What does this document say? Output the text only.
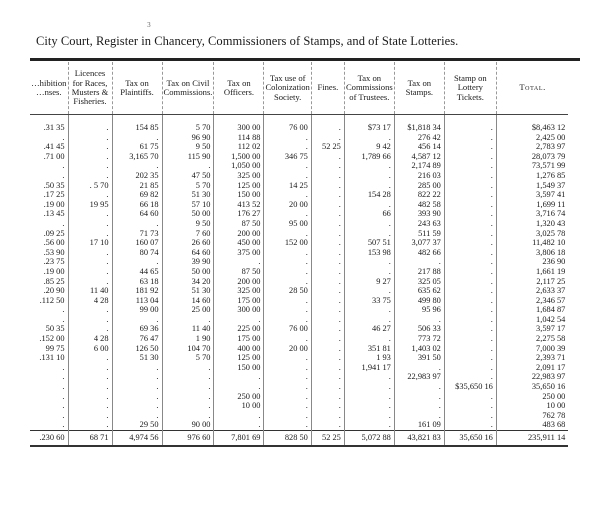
3
City Court, Register in Chancery, Commissioners of Stamps, and of State Lotteries.
…hibition …nses.	Licences for Races, Musters & Fisheries.	Tax on Plaintiffs.	Tax on Civil Commissions.	Tax on Officers.	Tax use of Colonization Society.	Fines.	Tax on Commissions of Trustees.	Tax on Stamps.	Stamp on Lottery Tickets.	Total.

.31 35	.	154 85	5 70	300 00	76 00	.	$73 17	$1,818 34	.	$8,463 12
.	.	.	96 90	114 88	.	.	.	276 42	.	2,425 00
.41 45	.	61 75	9 50	112 02	.	52 25	9 42	456 14	.	2,783 97
.71 00	.	3,165 70	115 90	1,500 00	346 75	.	1,789 66	4,587 12	.	28,073 79
.	.	.	.	1,050 00	.	.	.	2,174 89	.	73,571 99
.	.	202 35	47 50	325 00	.	.	.	216 03	.	1,276 85
.50 35	. 5 70	21 85	5 70	125 00	14 25	.	.	285 00	.	1,549 37
.17 25	.	69 82	51 30	150 00	.	.	154 28	822 22	.	3,597 41
.19 00	19 95	66 18	57 10	413 52	20 00	.	.	482 58	.	1,699 11
.13 45	.	64 60	50 00	176 27	.	.	66	393 90	.	3,716 74
.	.	.	9 50	87 50	95 00	.	.	243 63	.	1,320 43
.09 25	.	71 73	7 60	200 00	.	.	.	511 59	.	3,025 78
.56 00	17 10	160 07	26 60	450 00	152 00	.	507 51	3,077 37	.	11,482 10
.53 90	.	80 74	64 60	375 00	.	.	153 98	482 66	.	3,806 18
.23 75	.	.	39 90	.	.	.	.	.	.	236 90
.19 00	.	44 65	50 00	87 50	.	.	.	217 88	.	1,661 19
.85 25	.	63 18	34 20	200 00	.	.	9 27	325 05	.	2,117 25
.20 90	11 40	181 92	51 30	325 00	28 50	.	.	635 62	.	2,633 37
.112 50	4 28	113 04	14 60	175 00	.	.	33 75	499 80	.	2,346 57
.	.	99 00	25 00	300 00	.	.	.	95 96	.	1,684 87
.	.	.	.	.	.	.	.	.	.	1,042 54
50 35	.	69 36	11 40	225 00	76 00	.	46 27	506 33	.	3,597 17
.152 00	4 28	76 47	1 90	175 00	.	.	.	773 72	.	2,275 58
99 75	6 00	126 50	104 70	400 00	20 00	.	351 81	1,403 02	.	7,000 39
.131 10	.	51 30	5 70	125 00	.	.	1 93	391 50	.	2,393 71
.	.	.	.	150 00	.	.	1,941 17	.	.	2,091 17
.	.	.	.	.	.	.	.	22,983 97	.	22,983 97
.	.	.	.	.	.	.	.	.	$35,650 16	35,650 16
.	.	.	.	250 00	.	.	.	.	.	250 00
.	.	.	.	10 00	.	.	.	.	.	10 00
.	.	.	.	.	.	.	.	.	.	762 78
.	.	29 50	90 00	.	.	.	.	161 09	.	483 68
.230 60	68 71	4,974 56	976 60	7,801 69	828 50	52 25	5,072 88	43,821 83	35,650 16	235,911 14
